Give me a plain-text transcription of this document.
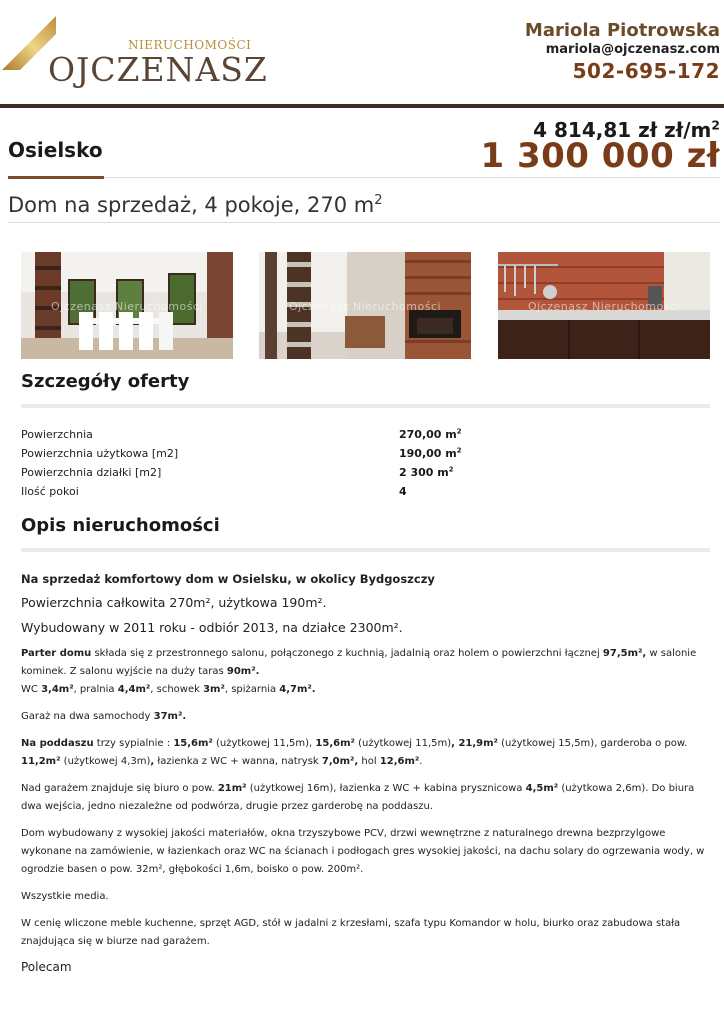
NIERUCHOMOŚCI
OJCZENASZ
Mariola Piotrowska
mariola@ojczenasz.com
502-695-172
Osielsko
4 814,81 zł $zł/m^2$
1 300 000 zł
Dom na sprzedaż, 4 pokoje, 270 $m^2$
Ojczenasz Nieruchomości	Ojczenasz Nieruchomości	Ojczenasz Nieruchomości
Szczegóły oferty
Powierzchnia	270,00 $m^2$
Powierzchnia użytkowa [m2]	190,00 $m^2$
Powierzchnia działki [m2]	2 300 $m^2$
Ilość pokoi	4
Opis nieruchomości
Na sprzedaż komfortowy dom w Osielsku, w okolicy Bydgoszczy
Powierzchnia całkowita 270m², użytkowa 190m².
Wybudowany w 2011 roku - odbiór 2013, na działce 2300m².
Parter domu składa się z przestronnego salonu, połączonego z kuchnią, jadalnią oraz holem o powierzchni łącznej 97,5m², w salonie kominek. Z salonu wyjście na duży taras 90m².
WC 3,4m², pralnia 4,4m², schowek 3m², spiżarnia 4,7m².
Garaż na dwa samochody 37m².
Na poddaszu trzy sypialnie : 15,6m² (użytkowej 11,5m), 15,6m² (użytkowej 11,5m), 21,9m² (użytkowej 15,5m), garderoba o pow. 11,2m² (użytkowej 4,3m), łazienka z WC + wanna, natrysk 7,0m², hol 12,6m².
Nad garażem znajduje się biuro o pow. 21m² (użytkowej 16m), łazienka z WC + kabina prysznicowa 4,5m² (użytkowa 2,6m). Do biura dwa wejścia, jedno niezależne od podwórza, drugie przez garderobę na poddaszu.
Dom wybudowany z wysokiej jakości materiałów, okna trzyszybowe PCV, drzwi wewnętrzne z naturalnego drewna bezprzylgowe wykonane na zamówienie, w łazienkach oraz WC na ścianach i podłogach gres wysokiej jakości, na dachu solary do ogrzewania wody, w ogrodzie basen o pow. 32m², głębokości 1,6m, boisko o pow. 200m².
Wszystkie media.
W cenię wliczone meble kuchenne, sprzęt AGD, stół w jadalni z krzesłami, szafa typu Komandor w holu, biurko oraz zabudowa stała znajdująca się w biurze nad garażem.
Polecam
